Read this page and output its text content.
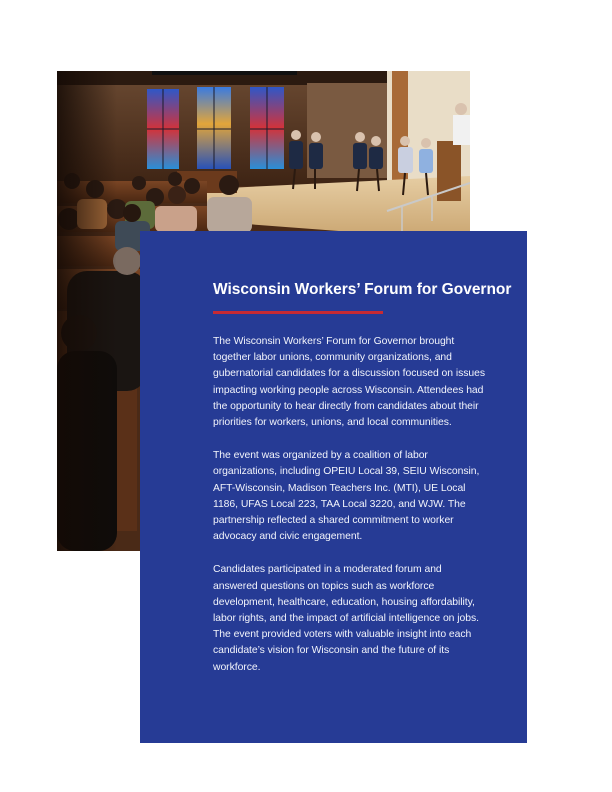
Wisconsin Workers’ Forum for Governor

The Wisconsin Workers’ Forum for Governor brought together labor unions, community organizations, and gubernatorial candidates for a discussion focused on issues impacting working people across Wisconsin. Attendees had the opportunity to hear directly from candidates about their priorities for workers, unions, and local communities.

The event was organized by a coalition of labor organizations, including OPEIU Local 39, SEIU Wisconsin, AFT-Wisconsin, Madison Teachers Inc. (MTI), UE Local 1186, UFAS Local 223, TAA Local 3220, and WJW. The partnership reflected a shared commitment to worker advocacy and civic engagement.

Candidates participated in a moderated forum and answered questions on topics such as workforce development, healthcare, education, housing affordability, labor rights, and the impact of artificial intelligence on jobs. The event provided voters with valuable insight into each candidate’s vision for Wisconsin and the future of its workforce.
